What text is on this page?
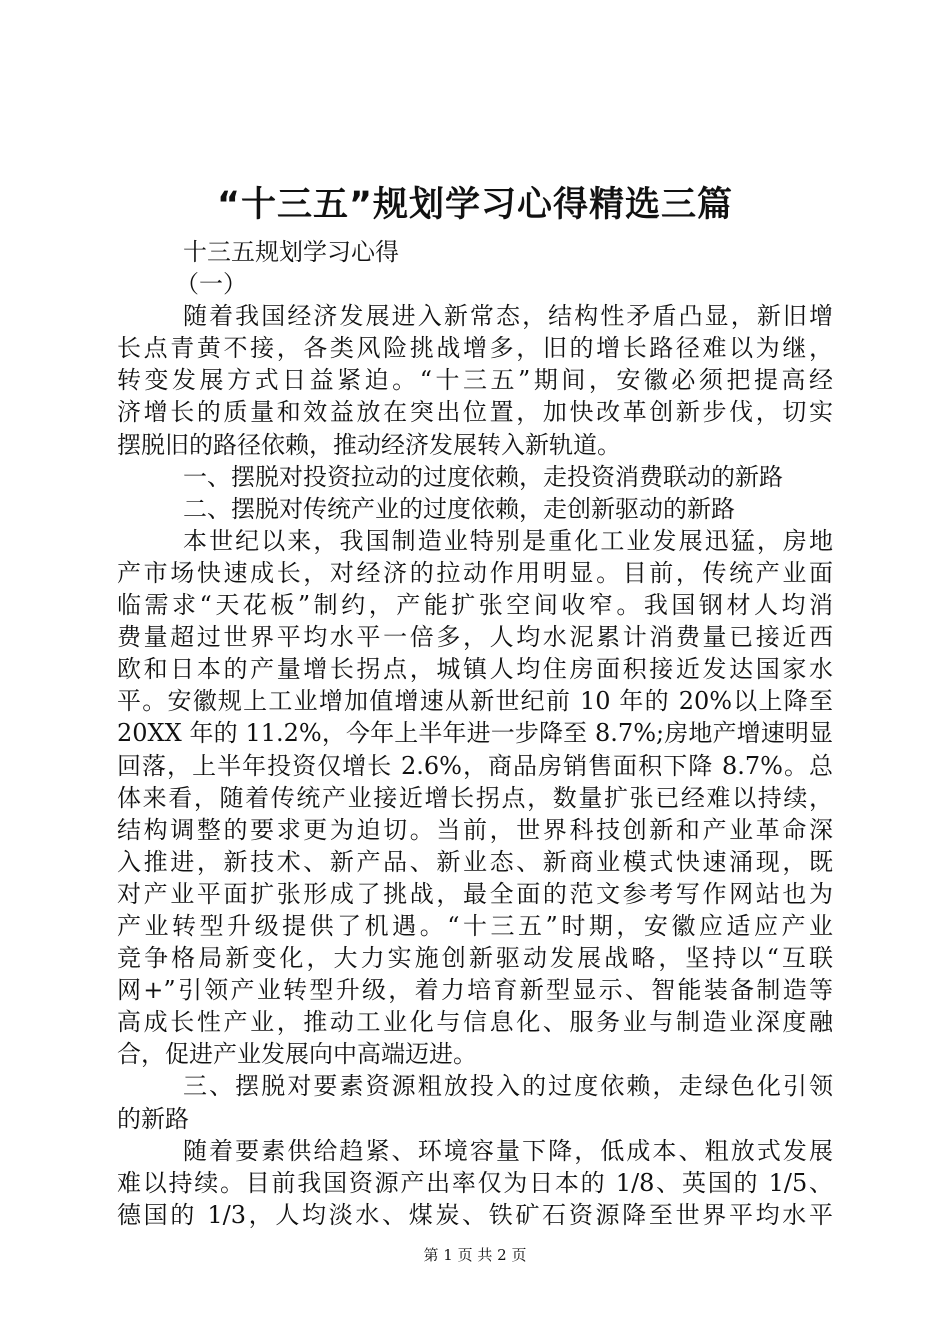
“十三五”规划学习心得精选三篇

十三五规划学习心得

（一）

随着我国经济发展进入新常态，结构性矛盾凸显，新旧增

长点青黄不接，各类风险挑战增多，旧的增长路径难以为继，

转变发展方式日益紧迫。“十三五”期间，安徽必须把提高经

济增长的质量和效益放在突出位置，加快改革创新步伐，切实

摆脱旧的路径依赖，推动经济发展转入新轨道。

一、摆脱对投资拉动的过度依赖，走投资消费联动的新路

二、摆脱对传统产业的过度依赖，走创新驱动的新路

本世纪以来，我国制造业特别是重化工业发展迅猛，房地

产市场快速成长，对经济的拉动作用明显。目前，传统产业面

临需求“天花板”制约，产能扩张空间收窄。我国钢材人均消

费量超过世界平均水平一倍多，人均水泥累计消费量已接近西

欧和日本的产量增长拐点，城镇人均住房面积接近发达国家水

平。安徽规上工业增加值增速从新世纪前 10 年的 20%以上降至

20XX 年的 11.2%，今年上半年进一步降至 8.7%;房地产增速明显

回落，上半年投资仅增长 2.6%，商品房销售面积下降 8.7%。总

体来看，随着传统产业接近增长拐点，数量扩张已经难以持续，

结构调整的要求更为迫切。当前，世界科技创新和产业革命深

入推进，新技术、新产品、新业态、新商业模式快速涌现，既

对产业平面扩张形成了挑战，最全面的范文参考写作网站也为

产业转型升级提供了机遇。“十三五”时期，安徽应适应产业

竞争格局新变化，大力实施创新驱动发展战略，坚持以“互联

网+”引领产业转型升级，着力培育新型显示、智能装备制造等

高成长性产业，推动工业化与信息化、服务业与制造业深度融

合，促进产业发展向中高端迈进。

三、摆脱对要素资源粗放投入的过度依赖，走绿色化引领

的新路

随着要素供给趋紧、环境容量下降，低成本、粗放式发展

难以持续。目前我国资源产出率仅为日本的 1/8、英国的 1/5、

德国的 1/3，人均淡水、煤炭、铁矿石资源降至世界平均水平

第 1 页 共 2 页
